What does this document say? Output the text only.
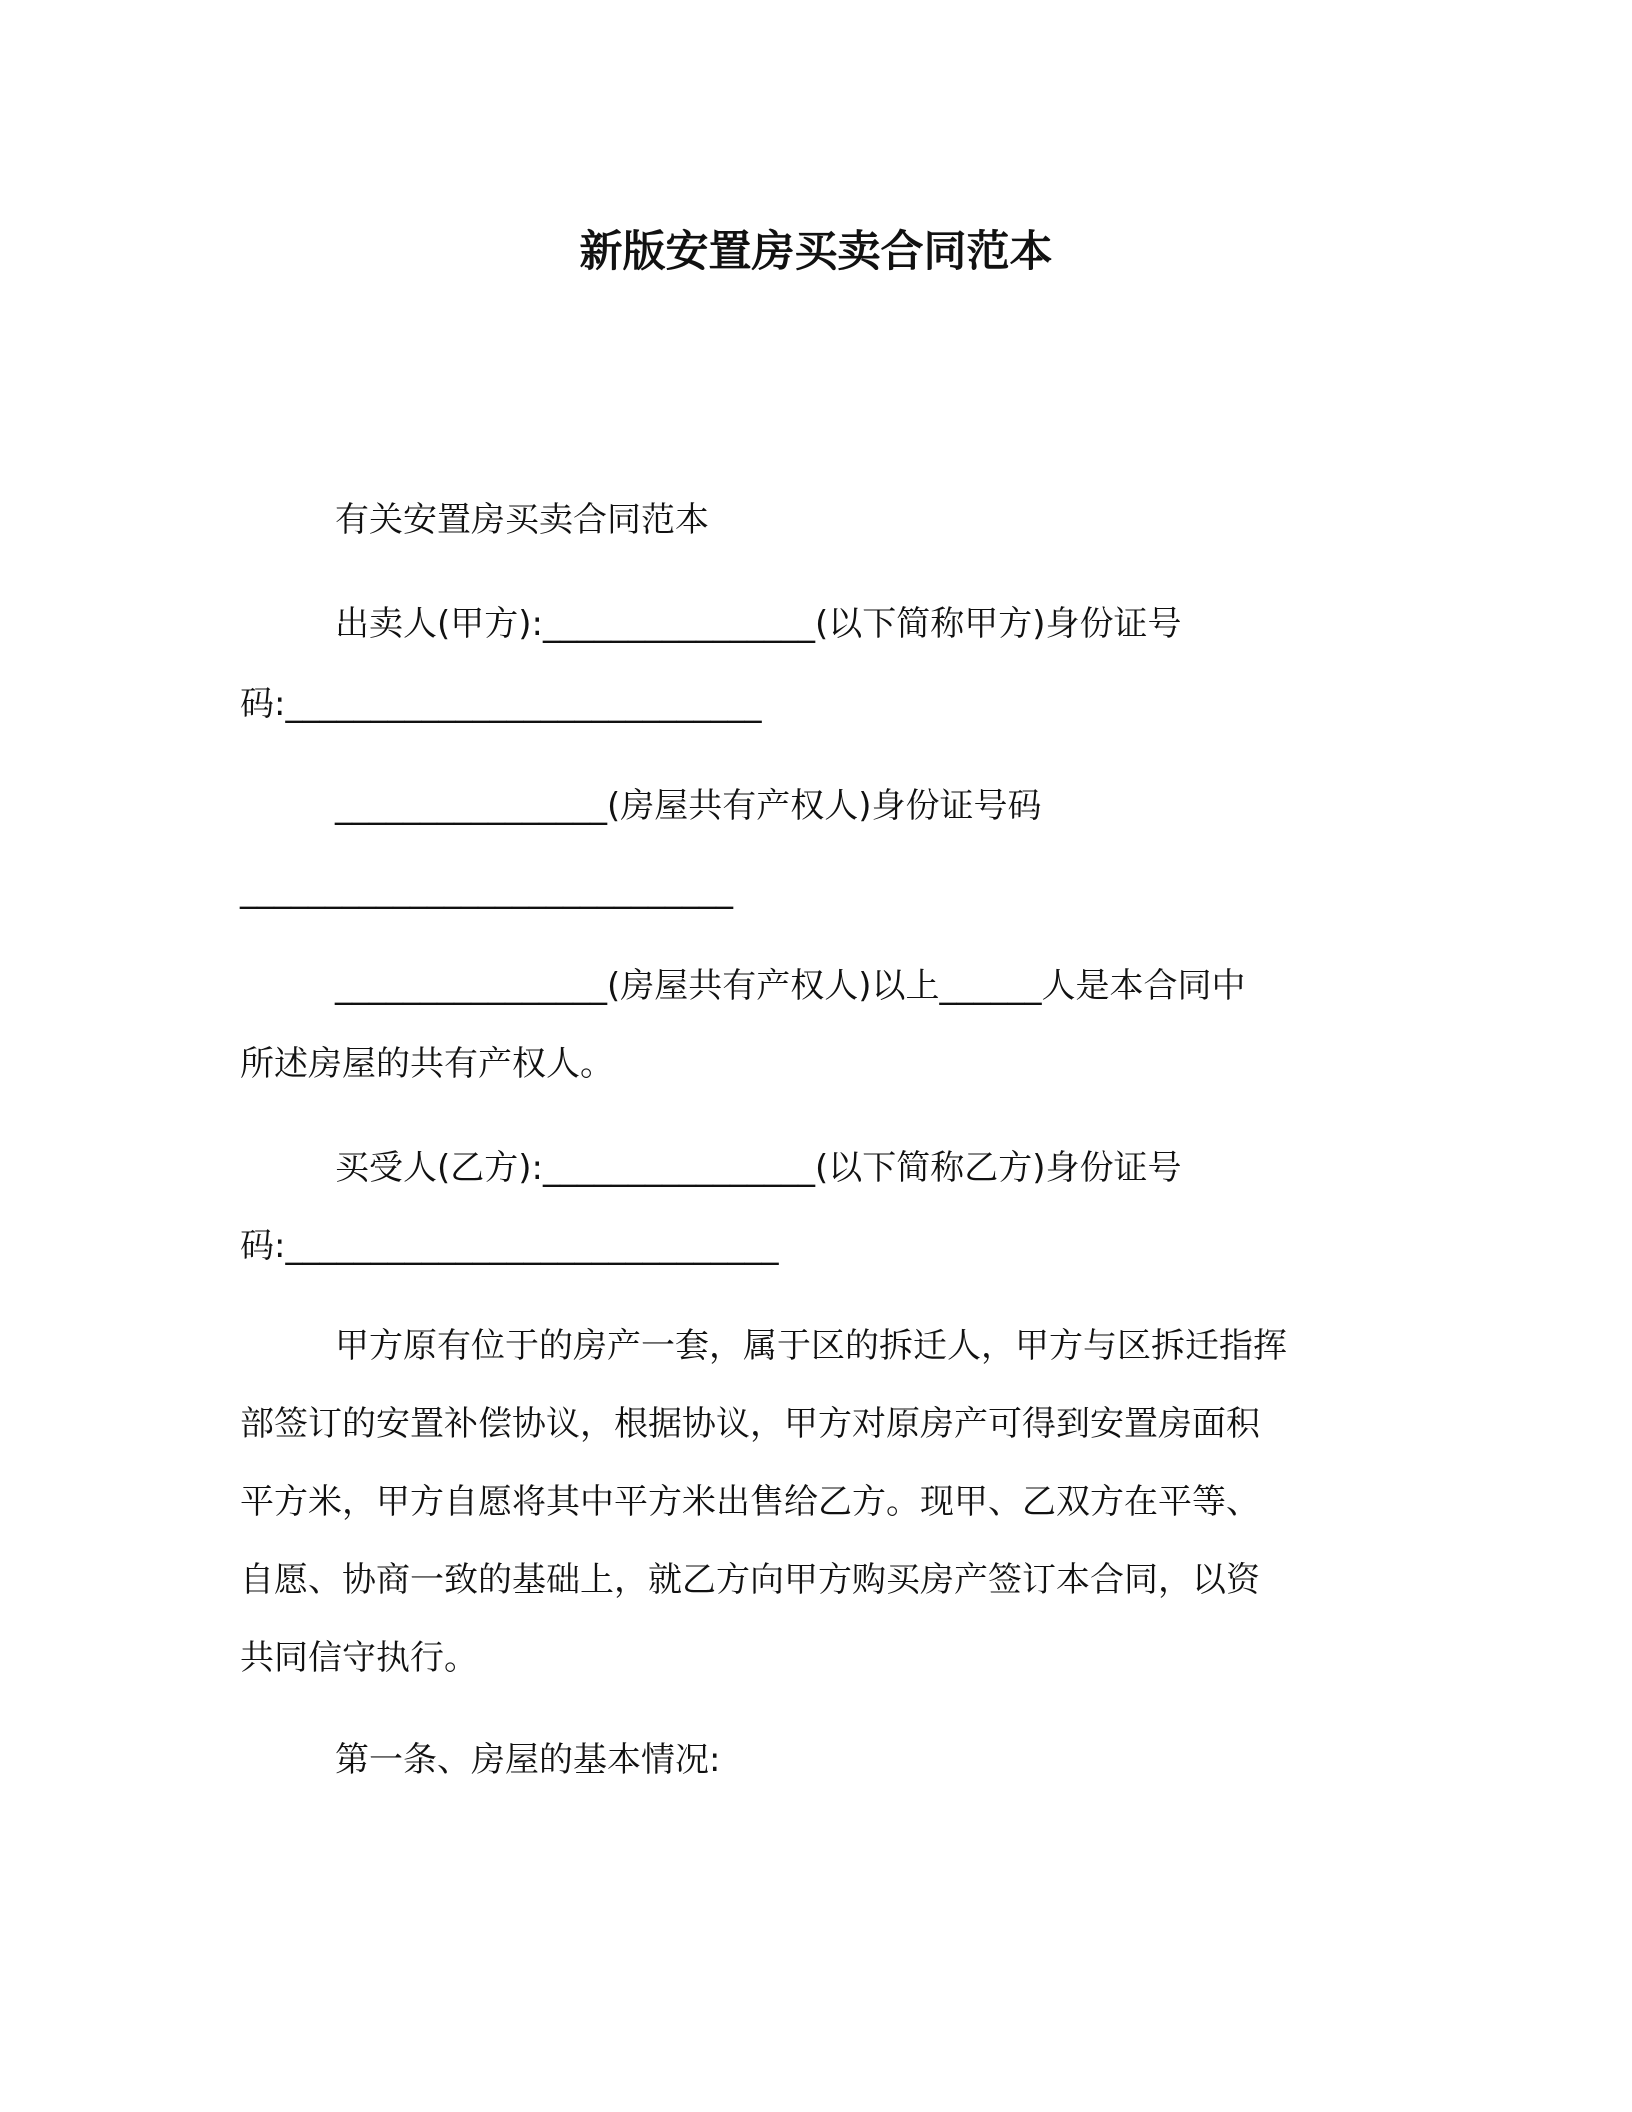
新版安置房买卖合同范本
有关安置房买卖合同范本
出卖人(甲方):________________(以下简称甲方)身份证号
码:____________________________
________________(房屋共有产权人)身份证号码
_____________________________
________________(房屋共有产权人)以上______人是本合同中
所述房屋的共有产权人。
买受人(乙方):________________(以下简称乙方)身份证号
码:_____________________________
甲方原有位于的房产一套，属于区的拆迁人，甲方与区拆迁指挥
部签订的安置补偿协议，根据协议，甲方对原房产可得到安置房面积
平方米，甲方自愿将其中平方米出售给乙方。现甲、乙双方在平等、
自愿、协商一致的基础上，就乙方向甲方购买房产签订本合同，以资
共同信守执行。
第一条、房屋的基本情况:
